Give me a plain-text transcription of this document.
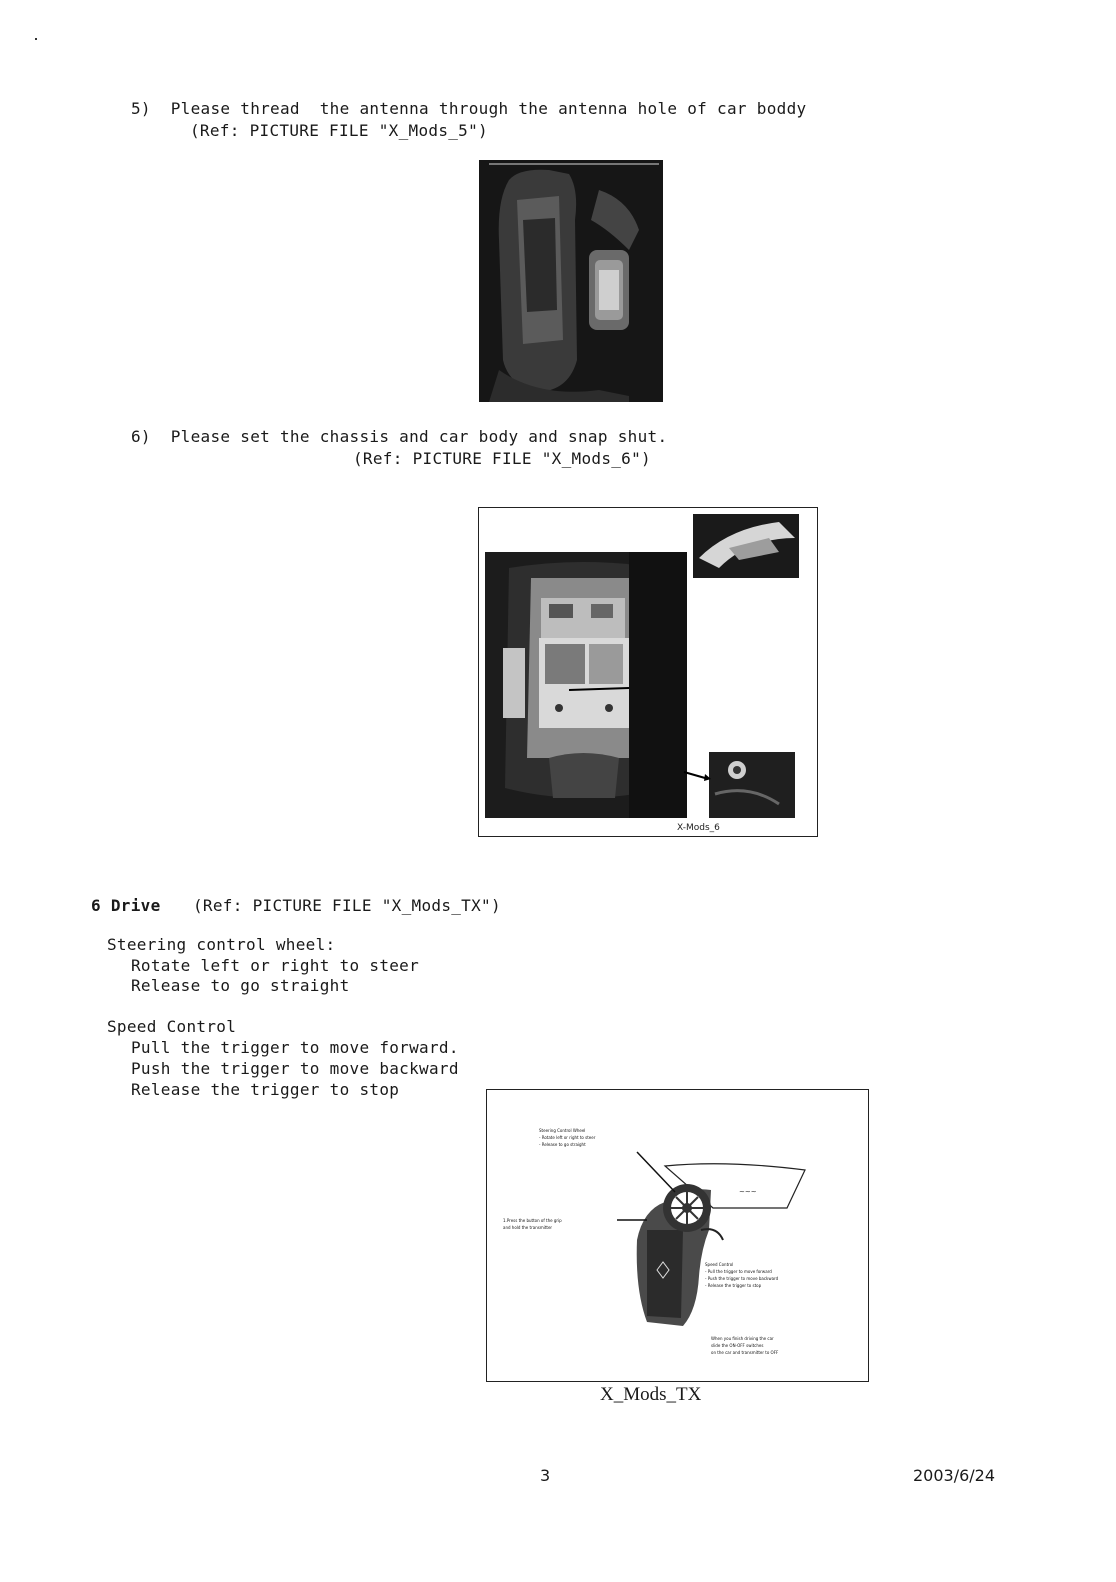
5)  Please thread  the antenna through the antenna hole of car boddy
(Ref: PICTURE FILE "X_Mods_5")
6)  Please set the chassis and car body and snap shut.
(Ref: PICTURE FILE "X_Mods_6")
X-Mods_6
6 Drive (Ref: PICTURE FILE "X_Mods_TX")
Steering control wheel:
Rotate left or right to steer
Release to go straight
Speed Control
Pull the trigger to move forward.
Push the trigger to move backward
Release the trigger to stop
~~~
Steering Control Wheel
- Rotate left or right to steer
- Release to go straight
1.Press the button of the grip
and hold the transmitter
Speed Control
- Pull the trigger to move forward
- Push the trigger to move backward
- Release the trigger to stop
When you finish driving the car
slide the ON-OFF switches
on the car and transmitter to OFF
X_Mods_TX
3	2003/6/24
